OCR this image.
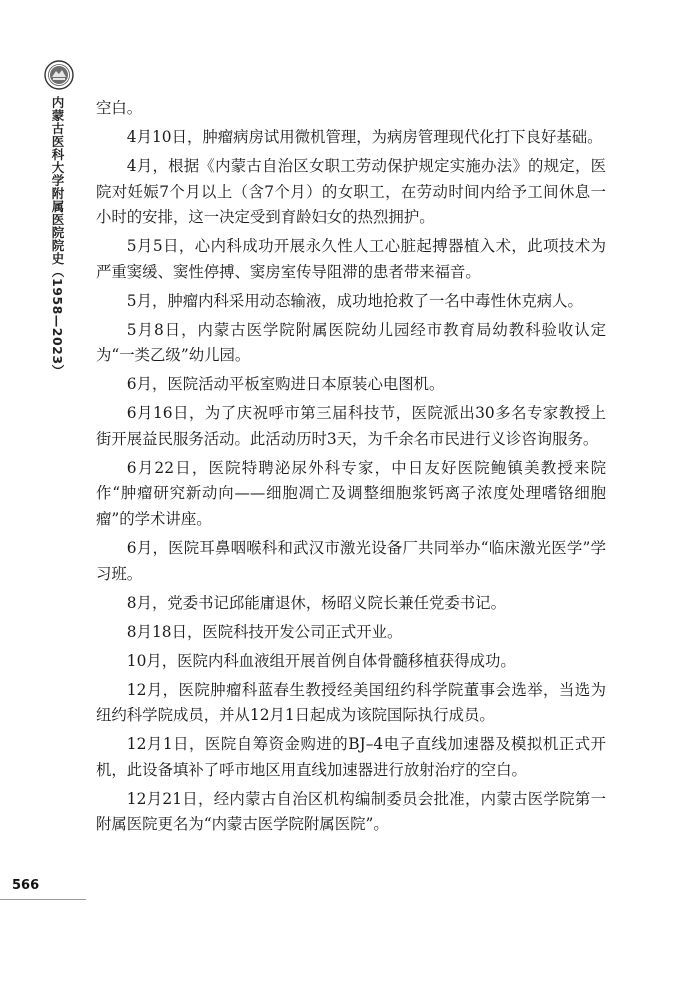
内蒙古医科大学附属医院院史（1958—2023）
566

空白。

4月10日，肿瘤病房试用微机管理，为病房管理现代化打下良好基础。

4月，根据《内蒙古自治区女职工劳动保护规定实施办法》的规定，医院对妊娠7个月以上（含7个月）的女职工，在劳动时间内给予工间休息一小时的安排，这一决定受到育龄妇女的热烈拥护。

5月5日，心内科成功开展永久性人工心脏起搏器植入术，此项技术为严重窦缓、窦性停搏、窦房室传导阻滞的患者带来福音。

5月，肿瘤内科采用动态输液，成功地抢救了一名中毒性休克病人。

5月8日，内蒙古医学院附属医院幼儿园经市教育局幼教科验收认定为“一类乙级”幼儿园。

6月，医院活动平板室购进日本原装心电图机。

6月16日，为了庆祝呼市第三届科技节，医院派出30多名专家教授上街开展益民服务活动。此活动历时3天，为千余名市民进行义诊咨询服务。

6月22日，医院特聘泌尿外科专家，中日友好医院鲍镇美教授来院作“肿瘤研究新动向——细胞凋亡及调整细胞浆钙离子浓度处理嗜铬细胞瘤”的学术讲座。

6月，医院耳鼻咽喉科和武汉市激光设备厂共同举办“临床激光医学”学习班。

8月，党委书记邱能庸退休，杨昭义院长兼任党委书记。

8月18日，医院科技开发公司正式开业。

10月，医院内科血液组开展首例自体骨髓移植获得成功。

12月，医院肿瘤科蓝春生教授经美国纽约科学院董事会选举，当选为纽约科学院成员，并从12月1日起成为该院国际执行成员。

12月1日，医院自筹资金购进的BJ–4电子直线加速器及模拟机正式开机，此设备填补了呼市地区用直线加速器进行放射治疗的空白。

12月21日，经内蒙古自治区机构编制委员会批准，内蒙古医学院第一附属医院更名为“内蒙古医学院附属医院”。
